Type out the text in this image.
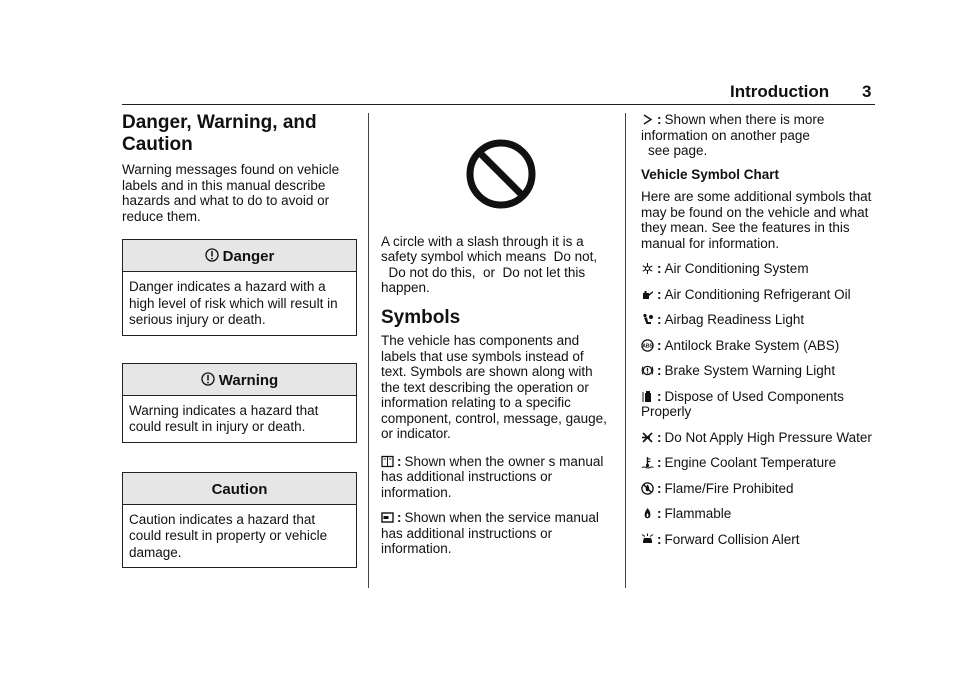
Introduction 3
Danger, Warning, and Caution

Warning messages found on vehicle labels and in this manual describe hazards and what to do to avoid or reduce them.

Danger
Danger indicates a hazard with a high level of risk which will result in serious injury or death.
Warning
Warning indicates a hazard that could result in injury or death.
Caution
Caution indicates a hazard that could result in property or vehicle damage.

A circle with a slash through it is a safety symbol which means  Do not,   Do not do this,  or  Do not let this happen.

Symbols

The vehicle has components and labels that use symbols instead of text. Symbols are shown along with the text describing the operation or information relating to a specific component, control, message, gauge, or indicator.

: Shown when the owner s manual has additional instructions or information.

: Shown when the service manual has additional instructions or information.

: Shown when there is more information on another page

see page.

Vehicle Symbol Chart

Here are some additional symbols that may be found on the vehicle and what they mean. See the features in this manual for information.

: Air Conditioning System

: Air Conditioning Refrigerant Oil

: Airbag Readiness Light

ABS : Antilock Brake System (ABS)

: Brake System Warning Light

: Dispose of Used Components Properly

: Do Not Apply High Pressure Water

: Engine Coolant Temperature

: Flame/Fire Prohibited

: Flammable

: Forward Collision Alert
